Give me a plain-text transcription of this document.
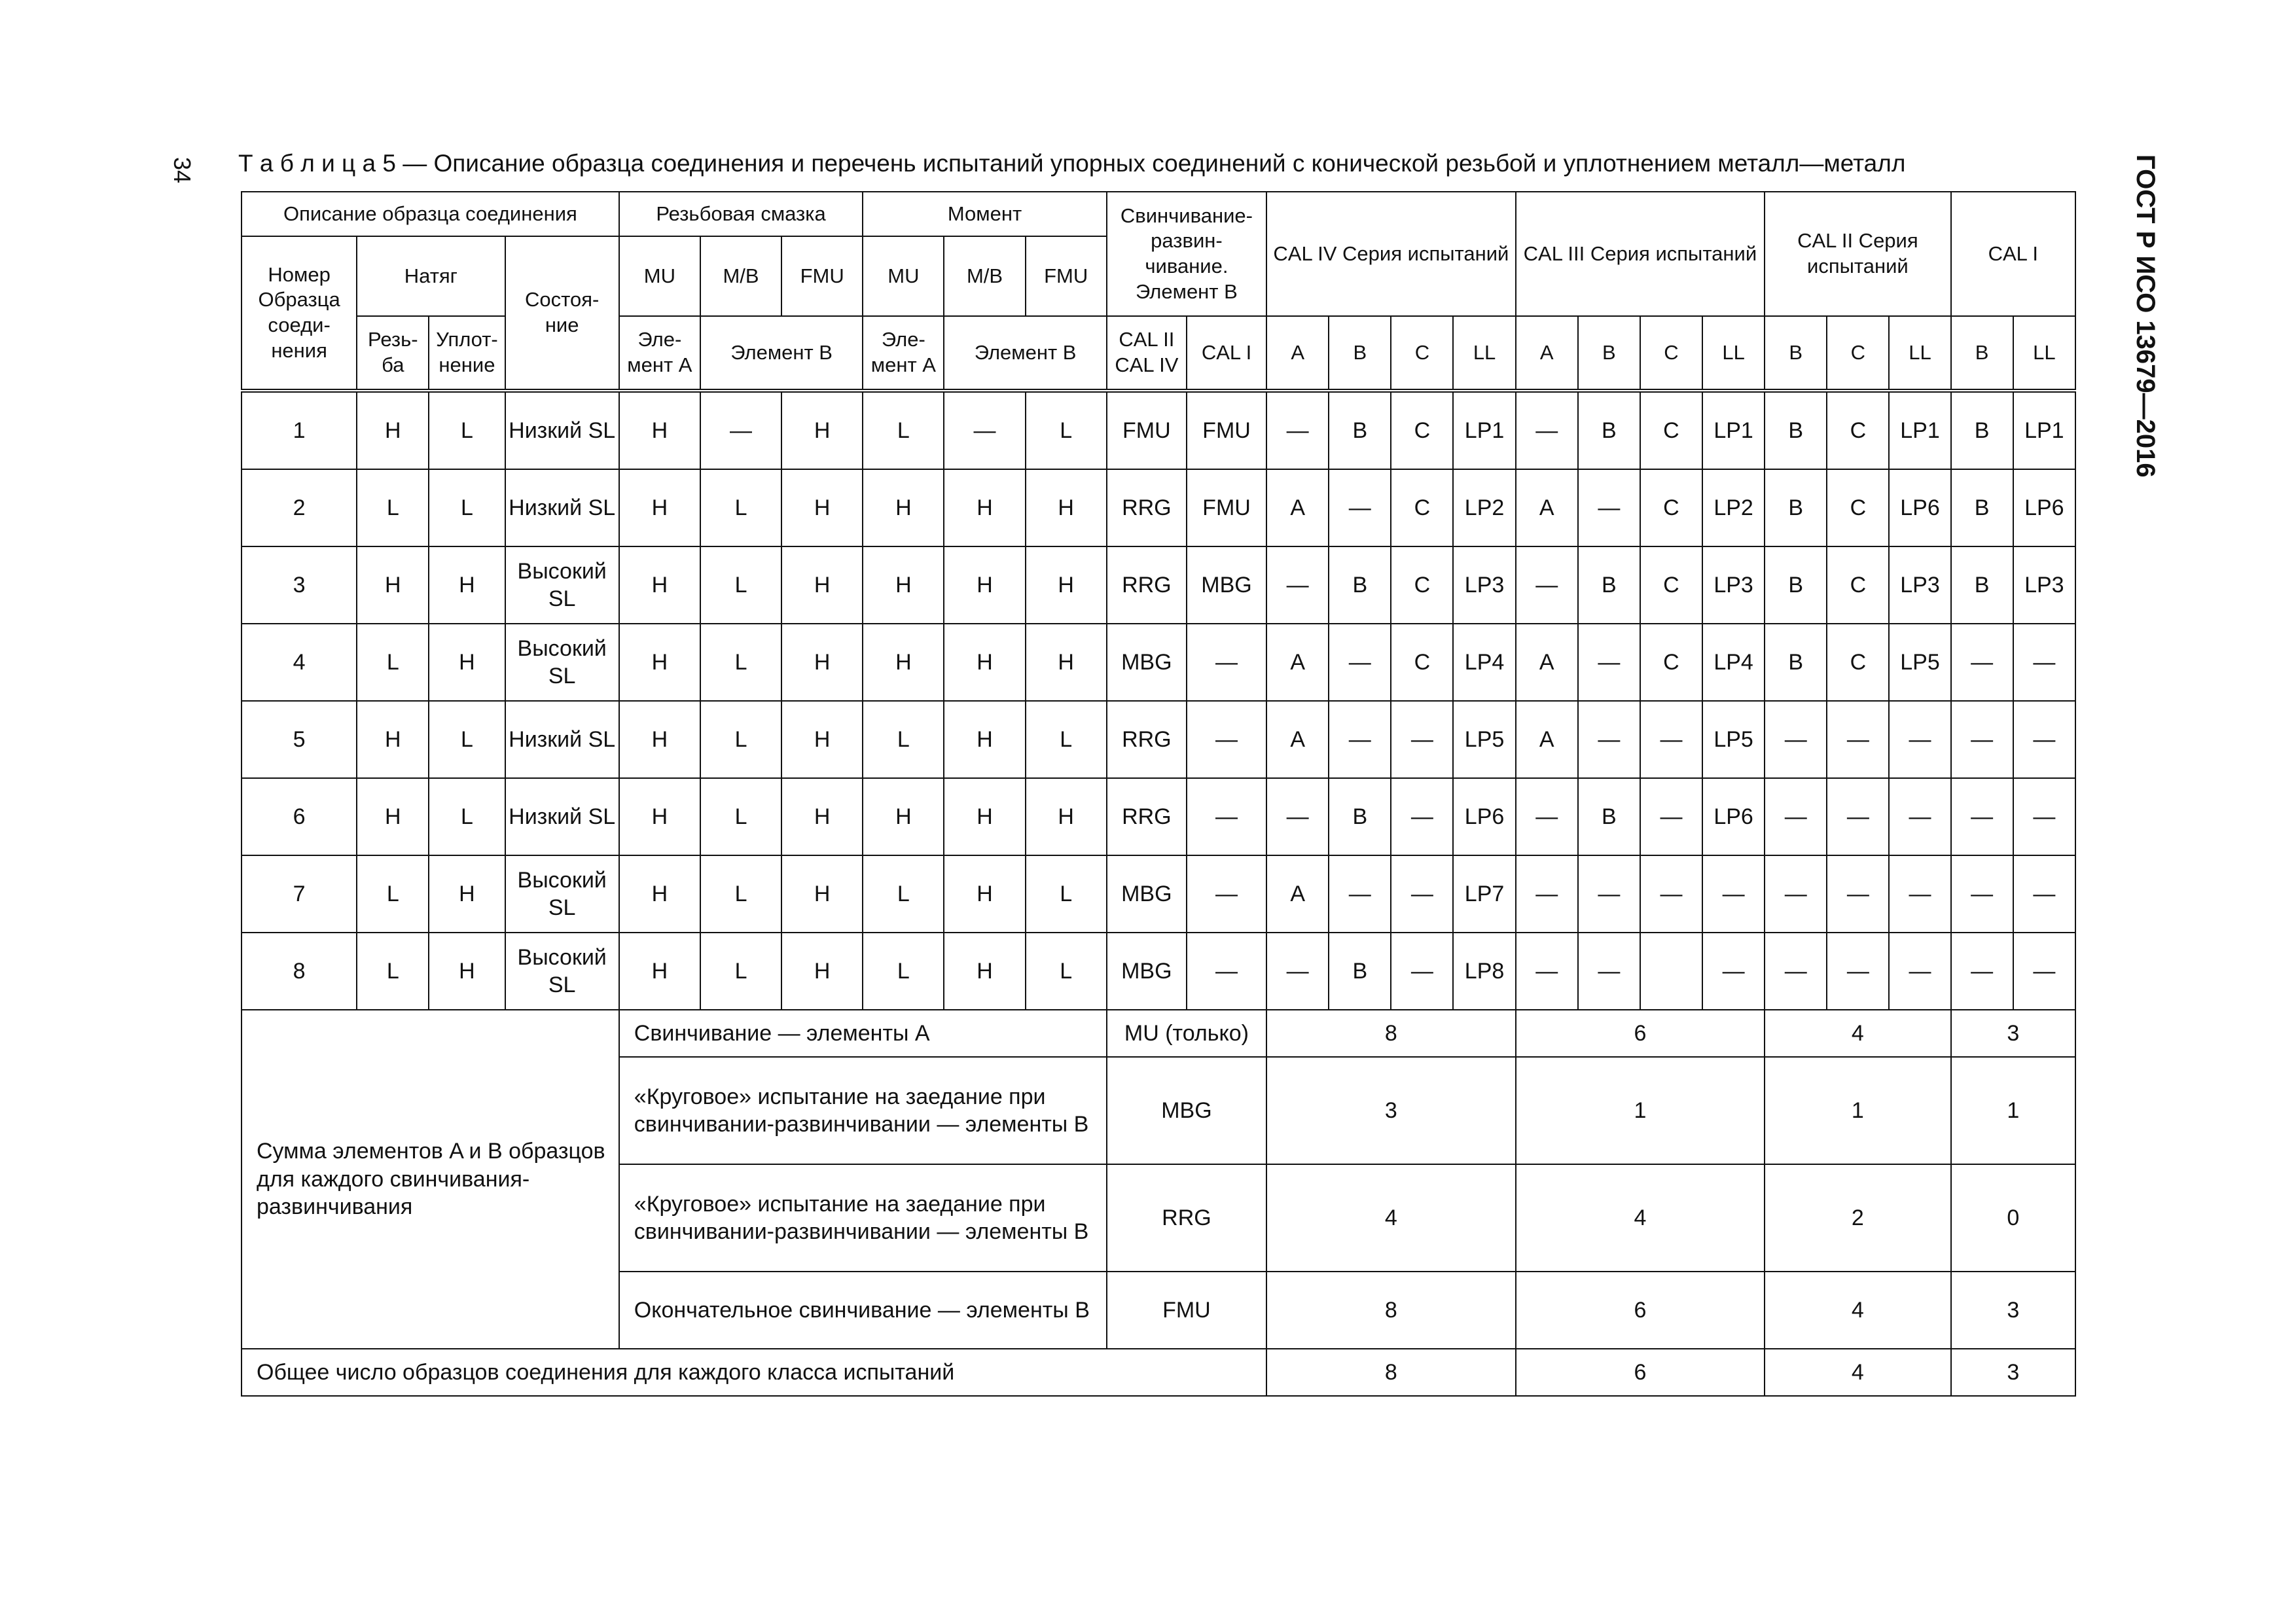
34	ГОСТ Р ИСО 13679—2016
Т а б л и ц а 5 — Описание образца соединения и перечень испытаний упорных соединений с конической резьбой и уплотнением металл—металл
Описание образца соединения				Резьбовая смазка			Момент			Свинчивание-развин-чивание. Элемент B		CAL IV Серия испытаний				CAL III Серия испытаний				CAL II Серия испытаний			CAL I	
Номер Образца соеди-нения	Натяг		Состоя-ние	MU	M/B	FMU	MU	M/B	FMU															
	Резь-ба	Уплот-нение		Эле-мент A	Элемент B		Эле-мент A	Элемент B		CAL II CAL IV	CAL I	A	B	C	LL	A	B	C	LL	B	C	LL	B	LL
1	H	L	Низкий SL	H	—	H	L	—	L	FMU	FMU	—	B	C	LP1	—	B	C	LP1	B	C	LP1	B	LP1
2	L	L	Низкий SL	H	L	H	H	H	H	RRG	FMU	A	—	C	LP2	A	—	C	LP2	B	C	LP6	B	LP6
3	H	H	Высокий SL	H	L	H	H	H	H	RRG	MBG	—	B	C	LP3	—	B	C	LP3	B	C	LP3	B	LP3
4	L	H	Высокий SL	H	L	H	H	H	H	MBG	—	A	—	C	LP4	A	—	C	LP4	B	C	LP5	—	—
5	H	L	Низкий SL	H	L	H	L	H	L	RRG	—	A	—	—	LP5	A	—	—	LP5	—	—	—	—	—
6	H	L	Низкий SL	H	L	H	H	H	H	RRG	—	—	B	—	LP6	—	B	—	LP6	—	—	—	—	—
7	L	H	Высокий SL	H	L	H	L	H	L	MBG	—	A	—	—	LP7	—	—	—	—	—	—	—	—	—
8	L	H	Высокий SL	H	L	H	L	H	L	MBG	—	—	B	—	LP8	—	—		—	—	—	—	—	—
Сумма элементов A и B образцов для каждого свинчивания-развинчивания				Свинчивание — элементы A						MU (только)		8				6				4			3	
				«Круговое» испытание на заедание при свинчивании-развинчивании — элементы B						MBG		3				1				1			1	
				«Круговое» испытание на заедание при свинчивании-развинчивании — элементы B						RRG		4				4				2			0	
				Окончательное свинчивание — элементы B						FMU		8				6				4			3	
Общее число образцов соединения для каждого класса испытаний												8				6				4			3	
